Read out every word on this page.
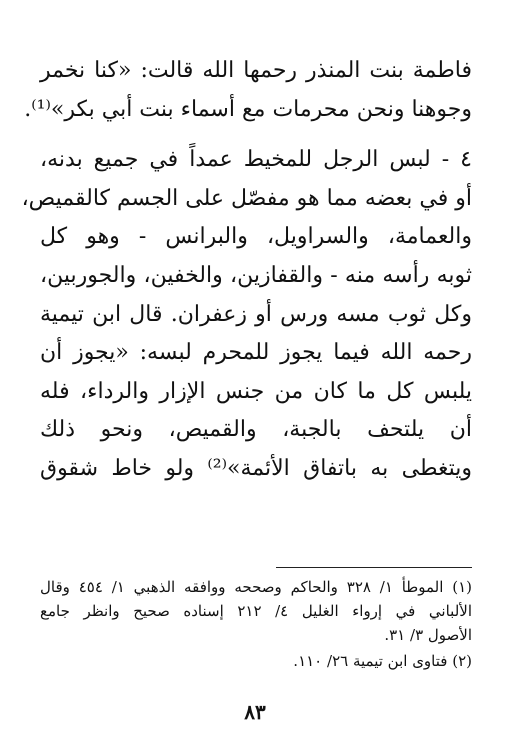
فاطمة بنت المنذر رحمها الله قالت: «كنا نخمر
وجوهنا ونحن محرمات مع أسماء بنت أبي بكر»⁽¹⁾.
٤ - لبس الرجل للمخيط عمداً في جميع بدنه،
أو في بعضه مما هو مفصّل على الجسم كالقميص،
والعمامة، والسراويل، والبرانس - وهو كل
ثوبه رأسه منه - والقفازين، والخفين، والجوربين،
وكل ثوب مسه ورس أو زعفران. قال ابن تيمية
رحمه الله فيما يجوز للمحرم لبسه: «يجوز أن
يلبس كل ما كان من جنس الإزار والرداء، فله
أن يلتحف بالجبة، والقميص، ونحو ذلك
ويتغطى به باتفاق الأئمة»⁽²⁾ ولو خاط شقوق
(١) الموطأ ١/ ٣٢٨ والحاكم وصححه ووافقه الذهبي ١/ ٤٥٤ وقال
الألباني في إرواء الغليل ٤/ ٢١٢ إسناده صحيح وانظر جامع
الأصول ٣/ ٣١.
(٢) فتاوى ابن تيمية ٢٦/ ١١٠.
٨٣
